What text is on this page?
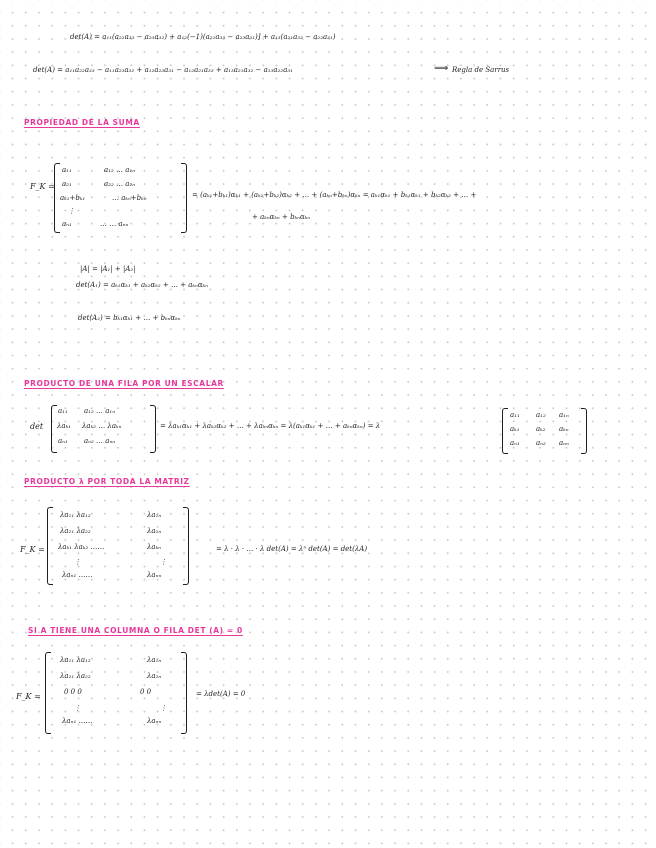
det(A) = a₁₁(a₂₂a₃₃ − a₂₃a₃₂) + a₁₂(−1)(a₂₁a₃₃ − a₂₃a₃₁)] + a₁₃(a₂₁a₃₂ − a₂₂a₃₁)
det(A) = a₁₁a₂₂a₃₃ − a₁₁a₂₃a₃₂ + a₁₂a₂₃a₃₁ − a₁₂a₂₁a₃₃ + a₁₃a₂₁a₃₂ − a₁₃a₂₂a₃₁	⟹ Regla de Sarrus
PROPIEDAD DE LA SUMA
F_K =
a₁₁	a₁₂ … a₁ₙ
a₂₁	a₂₂ … a₂ₙ
aₖ₁+bₖ₁	… aₖₙ+bₖₙ
⋮
aₙ₁	… … aₙₙ
= (aₖ₁+bₖ₁)αₖ₁ + (aₖ₂+bₖ₂)αₖ₂ + … + (aₖₙ+bₖₙ)αₖₙ = aₖ₁αₖ₁ + bₖ₁αₖ₁ + bₖ₂αₖ₂ + … +
+ aₖₙαₖₙ + bₖₙαₖₙ
|A| = |A₁| + |A₂|
det(A₁) = aₖ₁αₖ₁ + aₖ₂αₖ₂ + … + aₖₙαₖₙ
det(A₂) = bₖ₁αₖ₁ + … + bₖₙαₖₙ
PRODUCTO DE UNA FILA POR UN ESCALAR
det
a₁₁ a₁₂ … a₁ₙ
λaₖ₁ λaₖ₂ … λaₖₙ
aₙ₁ aₙ₂ … aₙₙ
= λaₖ₁αₖ₁ + λaₖ₂αₖ₂ + … + λaₖₙαₖₙ = λ(aₖ₁αₖ₁ + … + aₖₙαₖₙ) = λ
a₁₁ a₁₂ a₁ₙ
aₖ₁ aₖ₂ aₖₙ
aₙ₁ aₙ₂ aₙₙ
PRODUCTO λ POR TODA LA MATRIZ
F_K =
λa₁₁ λa₁₂	λa₁ₙ
λa₂₁ λa₂₂	λa₂ₙ
λaₖ₁ λaₖ₂ ……	λaₖₙ
⋮	⋮
λaₙ₁ ……	λaₙₙ
= λ · λ · … · λ det(A) = λⁿ det(A) = det(λA)
SI A TIENE UNA COLUMNA O FILA DET (A) = 0
F_K =
λa₁₁ λa₁₂	λa₁ₙ
λa₂₁ λa₂₂	λa₂ₙ
0 0 0	0 0
⋮	⋮
λaₙ₁ ……	λaₙₙ
= λdet(A) = 0
